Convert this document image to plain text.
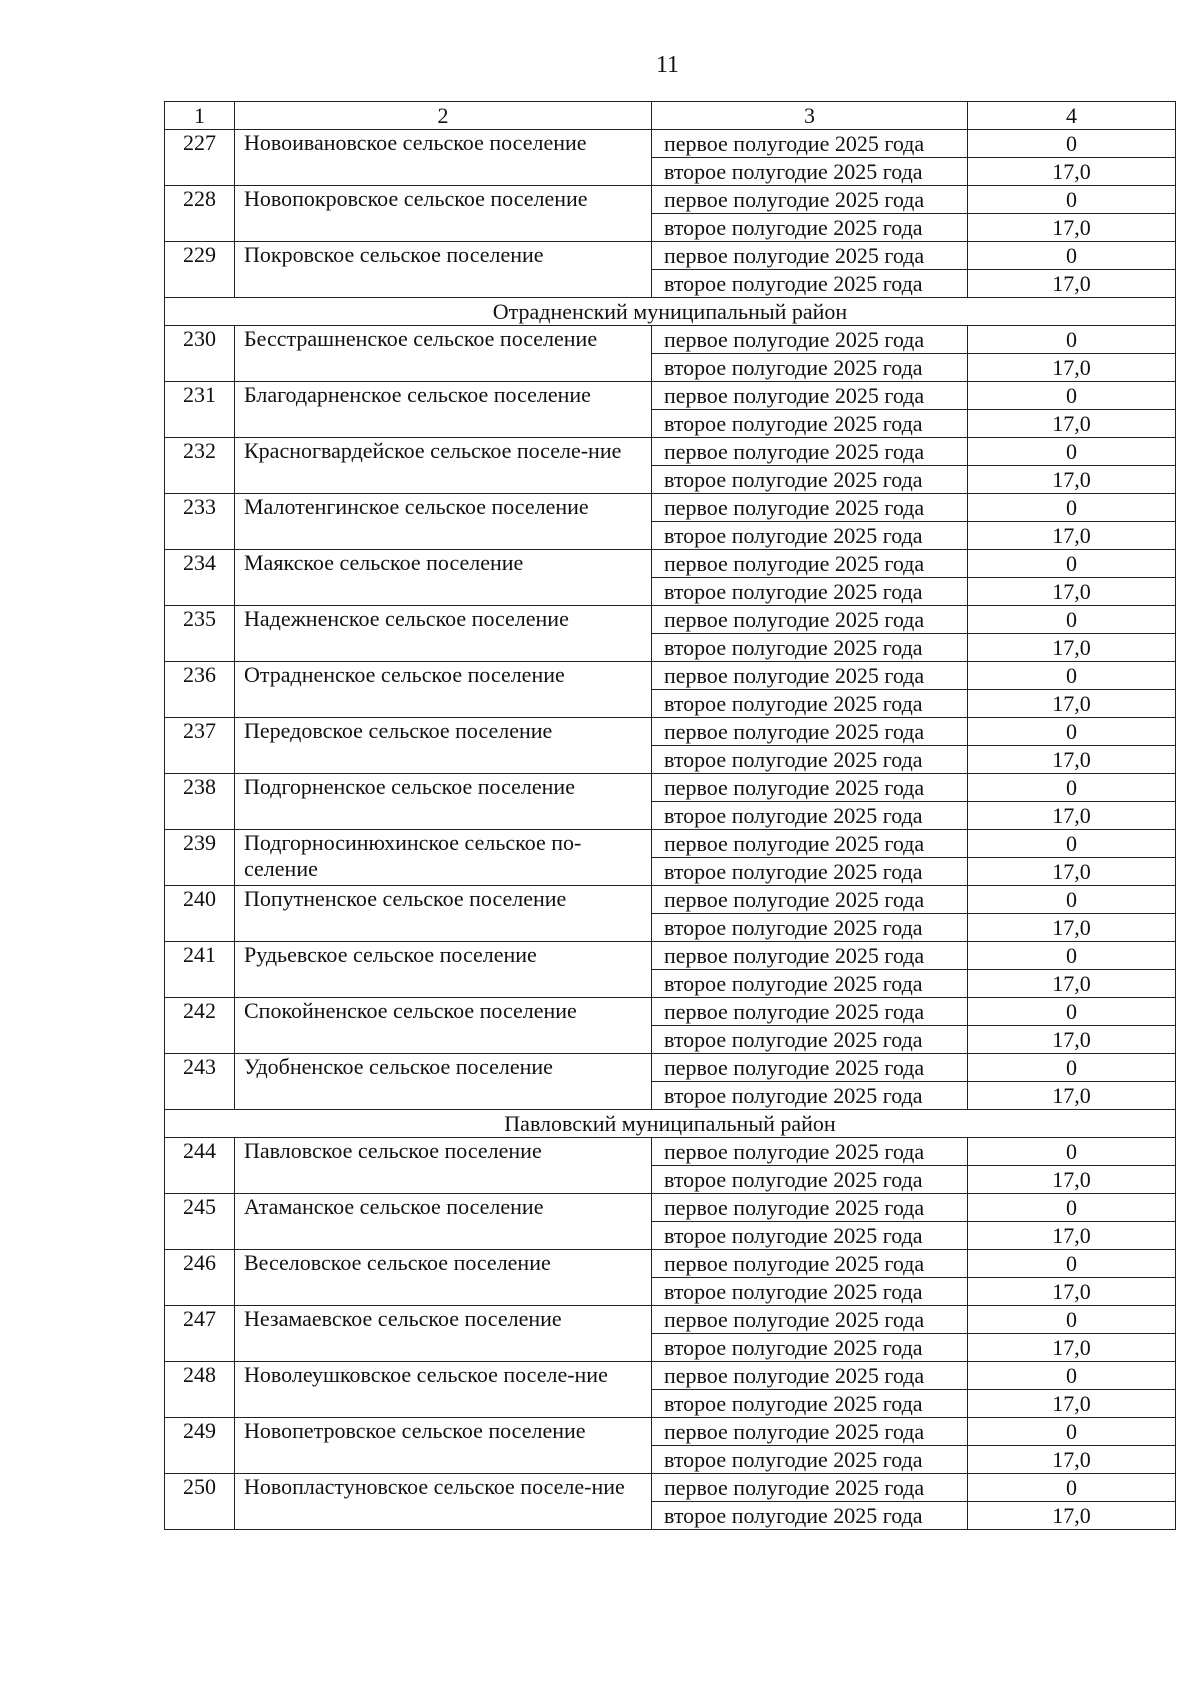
11
1	2	3	4
227	Новоивановское сельское поселение	первое полугодие 2025 года	0
		второе полугодие 2025 года	17,0
228	Новопокровское сельское поселение	первое полугодие 2025 года	0
		второе полугодие 2025 года	17,0
229	Покровское сельское поселение	первое полугодие 2025 года	0
		второе полугодие 2025 года	17,0
Отрадненский муниципальный район			
230	Бесстрашненское сельское поселение	первое полугодие 2025 года	0
		второе полугодие 2025 года	17,0
231	Благодарненское сельское поселение	первое полугодие 2025 года	0
		второе полугодие 2025 года	17,0
232	Красногвардейское сельское поселе-ние	первое полугодие 2025 года	0
		второе полугодие 2025 года	17,0
233	Малотенгинское сельское поселение	первое полугодие 2025 года	0
		второе полугодие 2025 года	17,0
234	Маякское сельское поселение	первое полугодие 2025 года	0
		второе полугодие 2025 года	17,0
235	Надежненское сельское поселение	первое полугодие 2025 года	0
		второе полугодие 2025 года	17,0
236	Отрадненское сельское поселение	первое полугодие 2025 года	0
		второе полугодие 2025 года	17,0
237	Передовское сельское поселение	первое полугодие 2025 года	0
		второе полугодие 2025 года	17,0
238	Подгорненское сельское поселение	первое полугодие 2025 года	0
		второе полугодие 2025 года	17,0
239	Подгорносинюхинское сельское по-селение	первое полугодие 2025 года	0
		второе полугодие 2025 года	17,0
240	Попутненское сельское поселение	первое полугодие 2025 года	0
		второе полугодие 2025 года	17,0
241	Рудьевское сельское поселение	первое полугодие 2025 года	0
		второе полугодие 2025 года	17,0
242	Спокойненское сельское поселение	первое полугодие 2025 года	0
		второе полугодие 2025 года	17,0
243	Удобненское сельское поселение	первое полугодие 2025 года	0
		второе полугодие 2025 года	17,0
Павловский муниципальный район			
244	Павловское сельское поселение	первое полугодие 2025 года	0
		второе полугодие 2025 года	17,0
245	Атаманское сельское поселение	первое полугодие 2025 года	0
		второе полугодие 2025 года	17,0
246	Веселовское сельское поселение	первое полугодие 2025 года	0
		второе полугодие 2025 года	17,0
247	Незамаевское сельское поселение	первое полугодие 2025 года	0
		второе полугодие 2025 года	17,0
248	Новолеушковское сельское поселе-ние	первое полугодие 2025 года	0
		второе полугодие 2025 года	17,0
249	Новопетровское сельское поселение	первое полугодие 2025 года	0
		второе полугодие 2025 года	17,0
250	Новопластуновское сельское поселе-ние	первое полугодие 2025 года	0
		второе полугодие 2025 года	17,0
